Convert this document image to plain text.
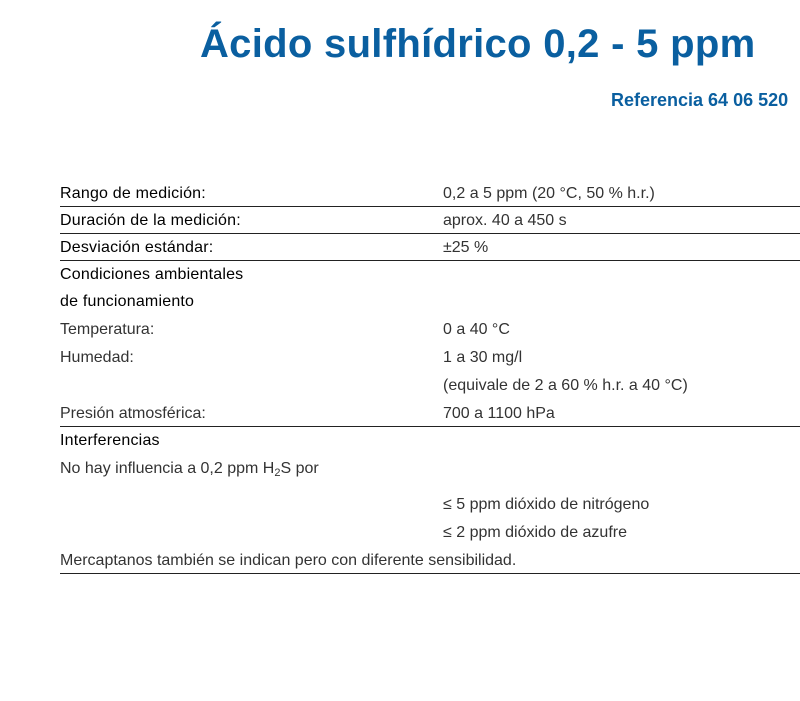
Ácido sulfhídrico 0,2 - 5 ppm
Referencia 64 06 520
Rango de medición:	0,2 a 5 ppm (20 °C, 50 % h.r.)
Duración de la medición:	aprox. 40 a 450 s
Desviación estándar:	±25 %
Condiciones ambientales
de funcionamiento
Temperatura:	0 a 40 °C
Humedad:	1 a 30 mg/l
(equivale de 2 a 60 % h.r. a 40 °C)
Presión atmosférica:	700 a 1100 hPa
Interferencias
No hay influencia a 0,2 ppm $H_2S$ por
≤ 5 ppm dióxido de nitrógeno
≤ 2 ppm dióxido de azufre
Mercaptanos también se indican pero con diferente sensibilidad.
